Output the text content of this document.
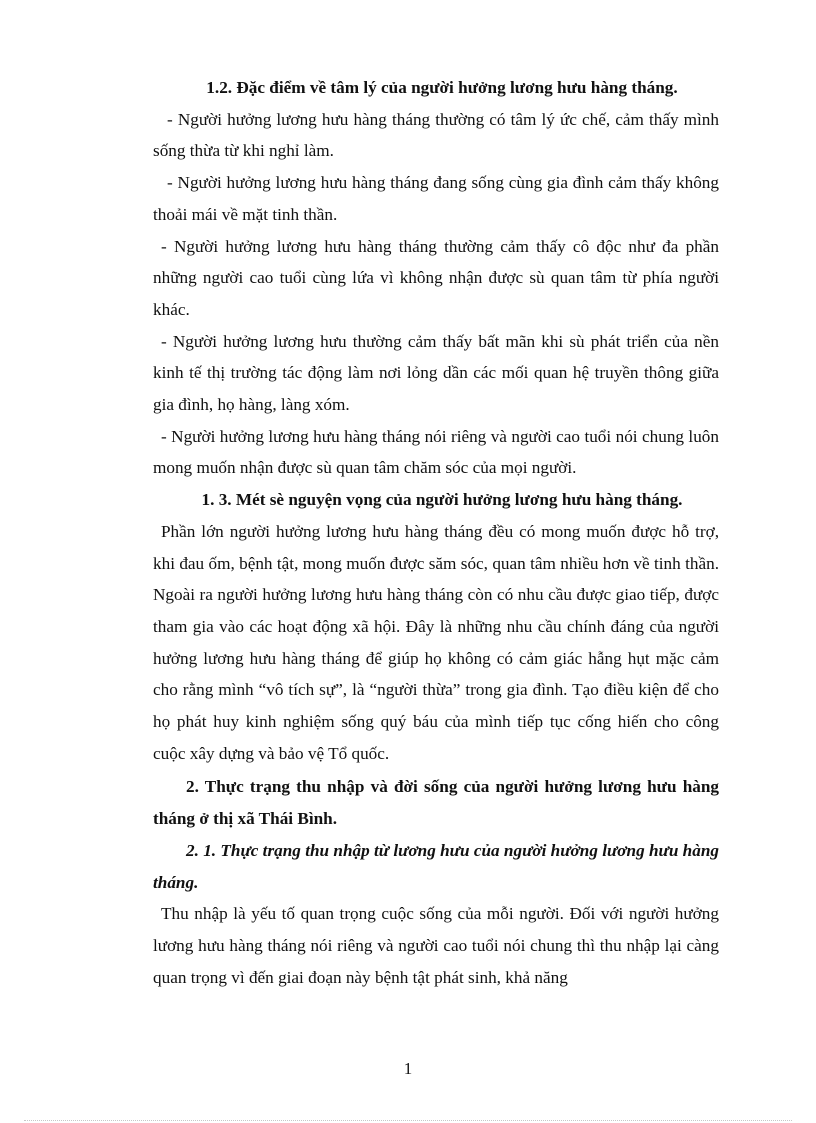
1.2. Đặc điểm về tâm lý của người hưởng lương hưu hàng tháng.

- Người hưởng lương hưu hàng tháng thường có tâm lý ức chế, cảm thấy mình sống thừa từ khi nghỉ làm.

- Người hưởng lương hưu hàng tháng đang sống cùng gia đình cảm thấy không thoải mái về mặt tinh thần.

- Người hưởng lương hưu hàng tháng thường cảm thấy cô độc như đa phần những người cao tuổi cùng lứa vì không nhận được sù quan tâm từ phía người khác.

- Người hưởng lương hưu thường cảm thấy bất mãn khi sù phát triển của nền kinh tế thị trường tác động làm nơi lỏng dần các mối quan hệ truyền thông giữa gia đình, họ hàng, làng xóm.

- Người hưởng lương hưu hàng tháng nói riêng và người cao tuổi nói chung luôn mong muốn nhận được sù quan tâm chăm sóc của mọi người.

1. 3. Mét sè nguyện vọng của người hưởng lương hưu hàng tháng.

Phần lớn người hưởng lương hưu hàng tháng đều có mong muốn được hỗ trợ, khi đau ốm, bệnh tật, mong muốn được săm sóc, quan tâm nhiều hơn về tinh thần. Ngoài ra người hưởng lương hưu hàng tháng còn có nhu cầu được giao tiếp, được tham gia vào các hoạt động xã hội. Đây là những nhu cầu chính đáng của người hưởng lương hưu hàng tháng để giúp họ không có cảm giác hẫng hụt mặc cảm cho rằng mình “vô tích sự”, là “người thừa” trong gia đình. Tạo điều kiện để cho họ phát huy kinh nghiệm sống quý báu của mình tiếp tục cống hiến cho công cuộc xây dựng và bảo vệ Tổ quốc.

2. Thực trạng thu nhập và đời sống của người hưởng lương hưu hàng tháng ở thị xã Thái Bình.

2. 1. Thực trạng thu nhập từ lương hưu của người hưởng lương hưu hàng tháng.

Thu nhập là yếu tố quan trọng cuộc sống của mỗi người. Đối với người hưởng lương hưu hàng tháng nói riêng và người cao tuổi nói chung thì thu nhập lại càng quan trọng vì đến giai đoạn này bệnh tật phát sinh, khả năng

1
